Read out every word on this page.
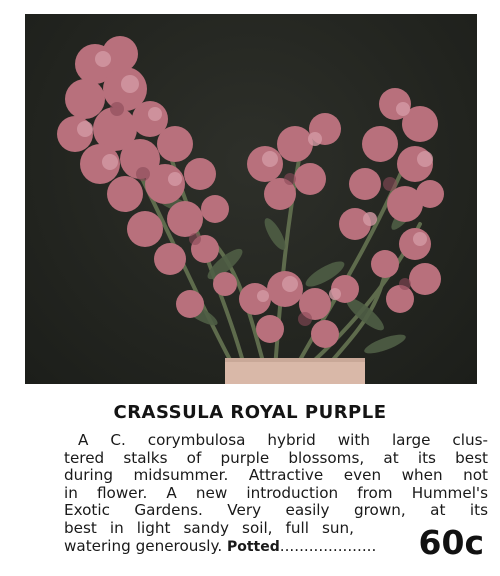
CRASSULA ROYAL PURPLE
A C. corymbulosa hybrid with large clus-
tered stalks of purple blossoms, at its best
during midsummer. Attractive even when not
in flower. A new introduction from Hummel's
Exotic Gardens. Very easily grown, at its
best in light sandy soil, full sun,
watering generously. Potted....................	60c
